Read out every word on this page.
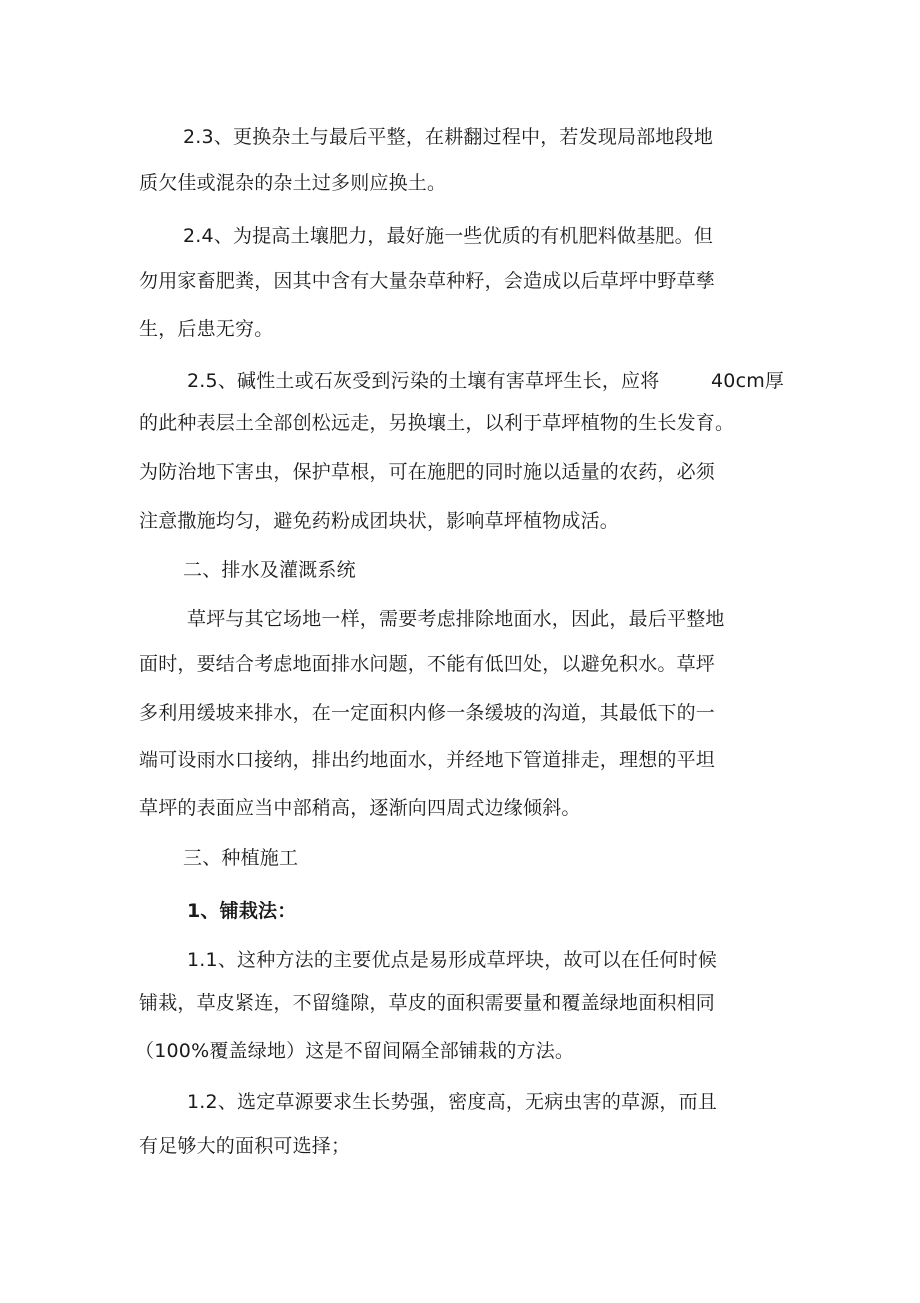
2.3、更换杂土与最后平整，在耕翻过程中，若发现局部地段地
质欠佳或混杂的杂土过多则应换土。
2.4、为提高土壤肥力，最好施一些优质的有机肥料做基肥。但
勿用家畜肥粪，因其中含有大量杂草种籽，会造成以后草坪中野草孳
生，后患无穷。
2.5、碱性土或石灰受到污染的土壤有害草坪生长，应将	40cm厚
的此种表层土全部创松远走，另换壤土，以利于草坪植物的生长发育。
为防治地下害虫，保护草根，可在施肥的同时施以适量的农药，必须
注意撒施均匀，避免药粉成团块状，影响草坪植物成活。
二、排水及灌溉系统
草坪与其它场地一样，需要考虑排除地面水，因此，最后平整地
面时，要结合考虑地面排水问题，不能有低凹处，以避免积水。草坪
多利用缓坡来排水，在一定面积内修一条缓坡的沟道，其最低下的一
端可设雨水口接纳，排出约地面水，并经地下管道排走，理想的平坦
草坪的表面应当中部稍高，逐渐向四周式边缘倾斜。
三、种植施工
1、铺栽法：
1.1、这种方法的主要优点是易形成草坪块，故可以在任何时候
铺栽，草皮紧连，不留缝隙，草皮的面积需要量和覆盖绿地面积相同
（100%覆盖绿地）这是不留间隔全部铺栽的方法。
1.2、选定草源要求生长势强，密度高，无病虫害的草源，而且
有足够大的面积可选择；
